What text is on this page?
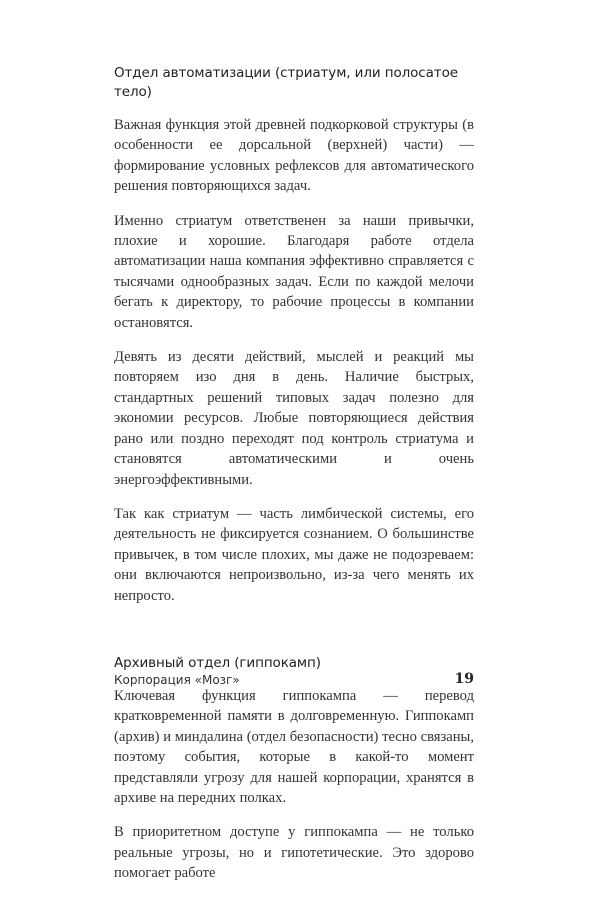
Отдел автоматизации (стриатум, или полосатое тело)

Важная функция этой древней подкорковой структуры (в особенности ее дорсальной (верхней) части) — формирование условных рефлексов для автоматического решения повторяющихся задач.

Именно стриатум ответственен за наши привычки, плохие и хорошие. Благодаря работе отдела автоматизации наша компания эффективно справляется с тысячами однообразных задач. Если по каждой мелочи бегать к директору, то рабочие процессы в компании остановятся.

Девять из десяти действий, мыслей и реакций мы повторяем изо дня в день. Наличие быстрых, стандартных решений типовых задач полезно для экономии ресурсов. Любые повторяющиеся действия рано или поздно переходят под контроль стриатума и становятся автоматическими и очень энергоэффективными.

Так как стриатум — часть лимбической системы, его деятельность не фиксируется сознанием. О большинстве привычек, в том числе плохих, мы даже не подозреваем: они включаются непроизвольно, из-за чего менять их непросто.

Архивный отдел (гиппокамп)

Ключевая функция гиппокампа — перевод кратковременной памяти в долговременную. Гиппокамп (архив) и миндалина (отдел безопасности) тесно связаны, поэтому события, которые в какой-то момент представляли угрозу для нашей корпорации, хранятся в архиве на передних полках.

В приоритетном доступе у гиппокампа — не только реальные угрозы, но и гипотетические. Это здорово помогает работе

Корпорация «Мозг»	19
